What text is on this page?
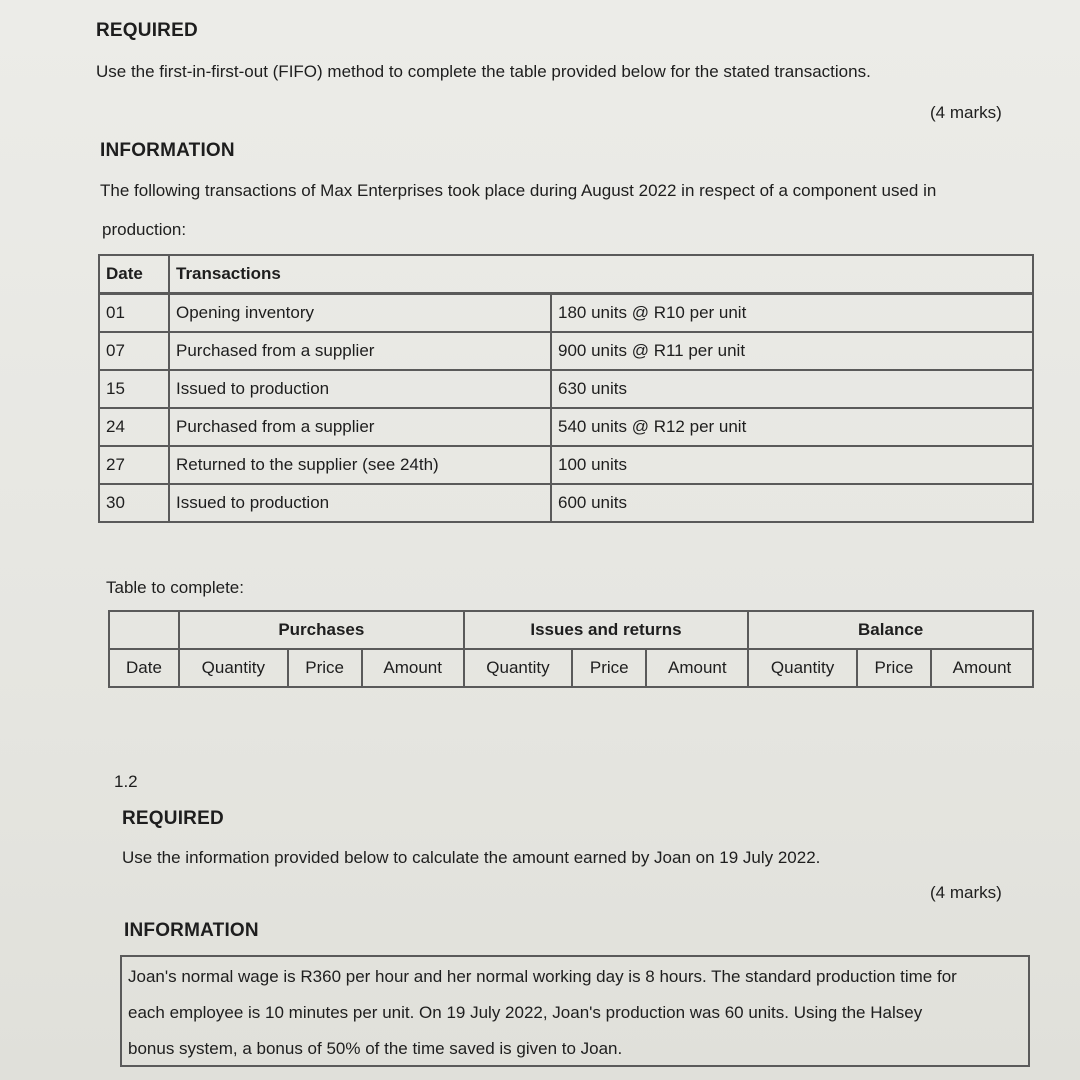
REQUIRED
Use the first-in-first-out (FIFO) method to complete the table provided below for the stated transactions.
(4 marks)
INFORMATION
The following transactions of Max Enterprises took place during August 2022 in respect of a component used in
production:
Date	Transactions	
01	Opening inventory	180 units @ R10 per unit
07	Purchased from a supplier	900 units @ R11 per unit
15	Issued to production	630 units
24	Purchased from a supplier	540 units @ R12 per unit
27	Returned to the supplier (see 24th)	100 units
30	Issued to production	600 units
Table to complete:
	Purchases			Issues and returns			Balance		
Date	Quantity	Price	Amount	Quantity	Price	Amount	Quantity	Price	Amount
1.2
REQUIRED
Use the information provided below to calculate the amount earned by Joan on 19 July 2022.
(4 marks)
INFORMATION
Joan's normal wage is R360 per hour and her normal working day is 8 hours. The standard production time for
each employee is 10 minutes per unit. On 19 July 2022, Joan's production was 60 units. Using the Halsey
bonus system, a bonus of 50% of the time saved is given to Joan.
